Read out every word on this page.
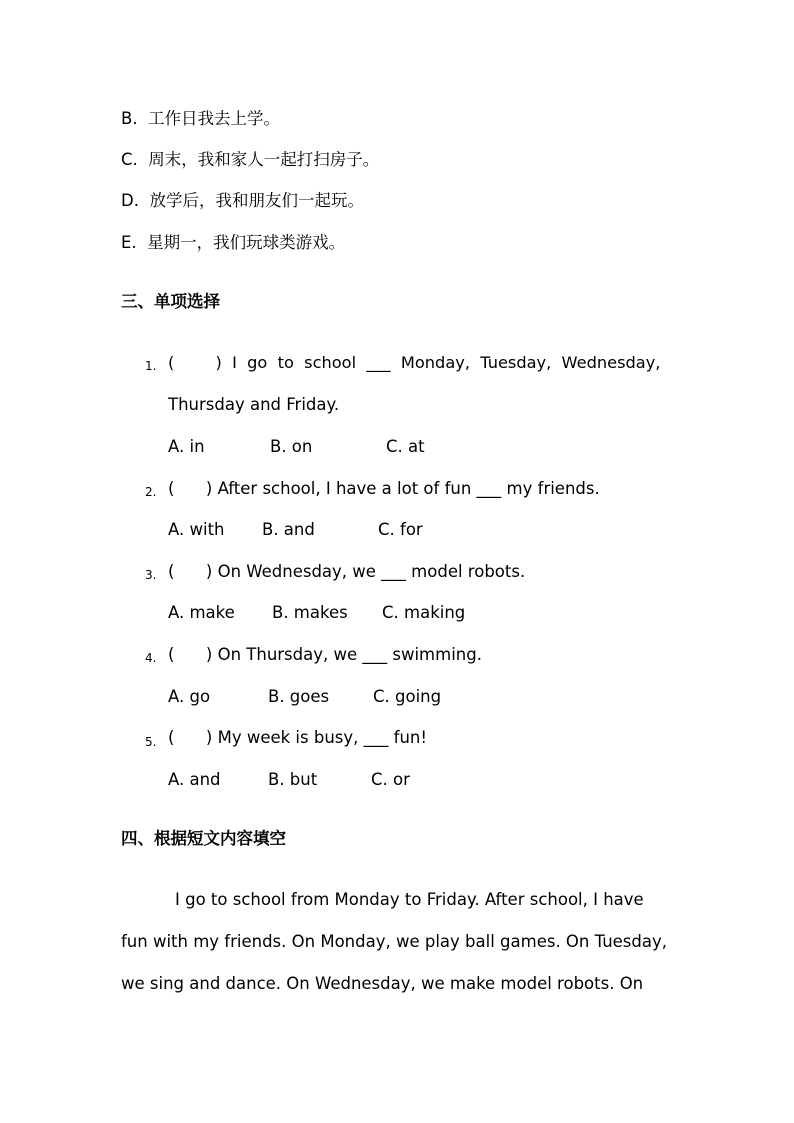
B.  工作日我去上学。
C.  周末，我和家人一起打扫房子。
D.  放学后，我和朋友们一起玩。
E.  星期一，我们玩球类游戏。
三、单项选择
1. (        )  I  go  to  school  ___  Monday,  Tuesday,  Wednesday,
Thursday and Friday.
A. in	B. on	C. at
2. (      ) After school, I have a lot of fun ___ my friends.
A. with B. and	C. for
3. (      ) On Wednesday, we ___ model robots.
A. make B. makes C. making
4. (      ) On Thursday, we ___ swimming.
A. go	B. goes	C. going
5. (      ) My week is busy, ___ fun!
A. and	B. but	C. or
四、根据短文内容填空
I go to school from Monday to Friday. After school, I have
fun with my friends. On Monday, we play ball games. On Tuesday,
we sing and dance. On Wednesday, we make model robots. On
